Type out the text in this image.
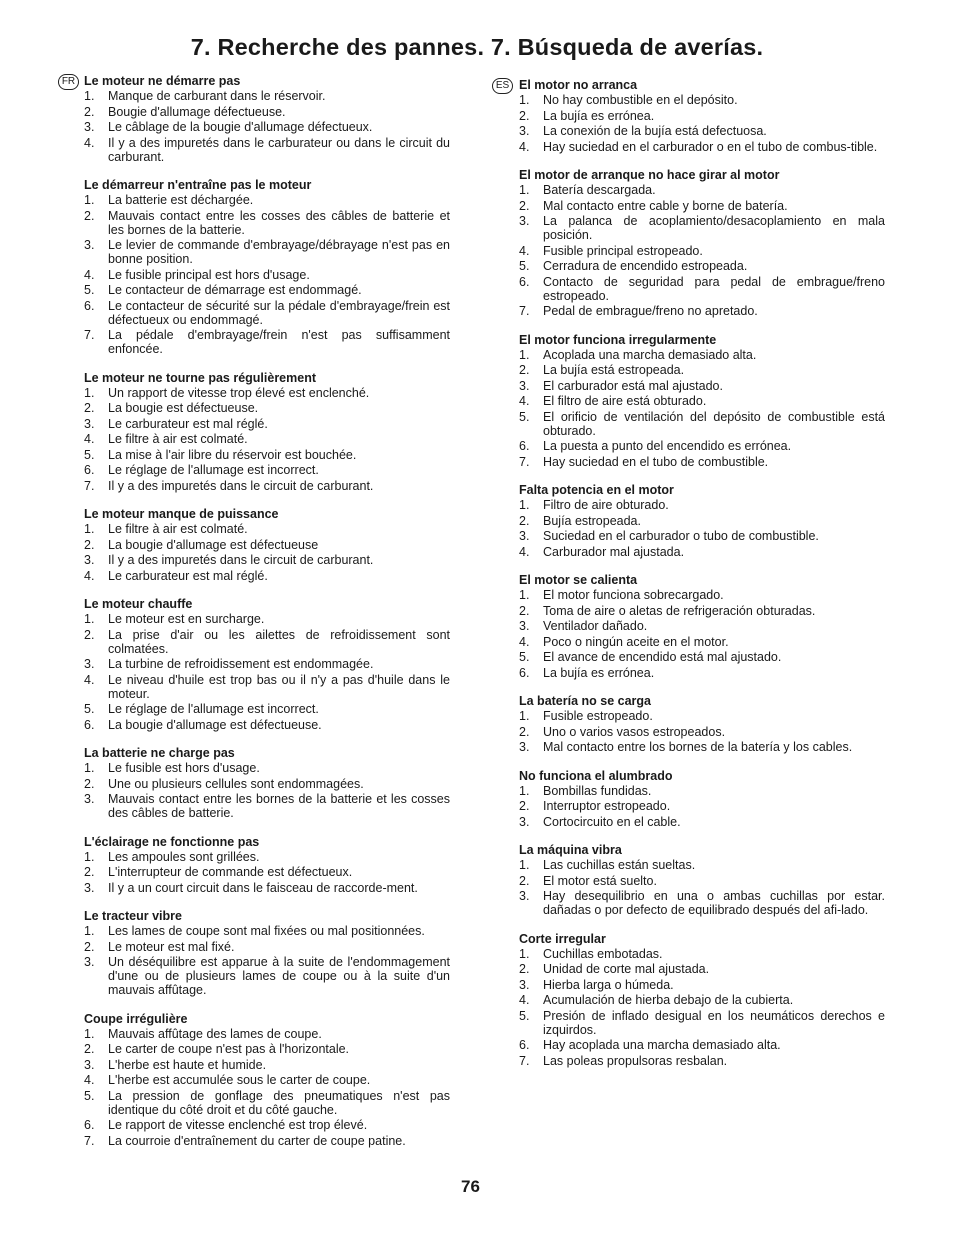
7. Recherche des pannes. 7. Búsqueda de averías.
FR Le moteur ne démarre pas
1. Manque de carburant dans le réservoir.
2. Bougie d'allumage défectueuse.
3. Le câblage de la bougie d'allumage défectueux.
4. Il y a des impuretés dans le carburateur ou dans le circuit du carburant.
Le démarreur n'entraîne pas le moteur
1. La batterie est déchargée.
2. Mauvais contact entre les cosses des câbles de batterie et les bornes de la batterie.
3. Le levier de commande d'embrayage/débrayage n'est pas en bonne position.
4. Le fusible principal est hors d'usage.
5. Le contacteur de démarrage est endommagé.
6. Le contacteur de sécurité sur la pédale d'embrayage/frein est défectueux ou endommagé.
7. La pédale d'embrayage/frein n'est pas suffisamment enfoncée.
Le moteur ne tourne pas régulièrement
1. Un rapport de vitesse trop élevé est enclenché.
2. La bougie est défectueuse.
3. Le carburateur est mal réglé.
4. Le filtre à air est colmaté.
5. La mise à l'air libre du réservoir est bouchée.
6. Le réglage de l'allumage est incorrect.
7. Il y a des impuretés dans le circuit de carburant.
Le moteur manque de puissance
1. Le filtre à air est colmaté.
2. La bougie d'allumage est défectueuse
3. Il y a des impuretés dans le circuit de carburant.
4. Le carburateur est mal réglé.
Le moteur chauffe
1. Le moteur est en surcharge.
2. La prise d'air ou les ailettes de refroidissement sont colmatées.
3. La turbine de refroidissement est endommagée.
4. Le niveau d'huile est trop bas ou il n'y a pas d'huile dans le moteur.
5. Le réglage de l'allumage est incorrect.
6. La bougie d'allumage est défectueuse.
La batterie ne charge pas
1. Le fusible est hors d'usage.
2. Une ou plusieurs cellules sont endommagées.
3. Mauvais contact entre les bornes de la batterie et les cosses des câbles de batterie.
L'éclairage ne fonctionne pas
1. Les ampoules sont grillées.
2. L'interrupteur de commande est défectueux.
3. Il y a un court circuit dans le faisceau de raccorde-ment.
Le tracteur vibre
1. Les lames de coupe sont mal fixées ou mal positionnées.
2. Le moteur est mal fixé.
3. Un déséquilibre est apparue à la suite de l'endommagement d'une ou de plusieurs lames de coupe ou à la suite d'un mauvais affûtage.
Coupe irrégulière
1. Mauvais affûtage des lames de coupe.
2. Le carter de coupe n'est pas à l'horizontale.
3. L'herbe est haute et humide.
4. L'herbe est accumulée sous le carter de coupe.
5. La pression de gonflage des pneumatiques n'est pas identique du côté droit et du côté gauche.
6. Le rapport de vitesse enclenché est trop élevé.
7. La courroie d'entraînement du carter de coupe patine.
ES El motor no arranca
1. No hay combustible en el depósito.
2. La bujía es errónea.
3. La conexión de la bujía está defectuosa.
4. Hay suciedad en el carburador o en el tubo de combus-tible.
El motor de arranque no hace girar al motor
1. Batería descargada.
2. Mal contacto entre cable y borne de batería.
3. La palanca de acoplamiento/desacoplamiento en mala posición.
4. Fusible principal estropeado.
5. Cerradura de encendido estropeada.
6. Contacto de seguridad para pedal de embrague/freno estropeado.
7. Pedal de embrague/freno no apretado.
El motor funciona irregularmente
1. Acoplada una marcha demasiado alta.
2. La bujía está estropeada.
3. El carburador está mal ajustado.
4. El filtro de aire está obturado.
5. El orificio de ventilación del depósito de combustible está obturado.
6. La puesta a punto del encendido es errónea.
7. Hay suciedad en el tubo de combustible.
Falta potencia en el motor
1. Filtro de aire obturado.
2. Bujía estropeada.
3. Suciedad en el carburador o tubo de combustible.
4. Carburador mal ajustada.
El motor se calienta
1. El motor funciona sobrecargado.
2. Toma de aire o aletas de refrigeración obturadas.
3. Ventilador dañado.
4. Poco o ningún aceite en el motor.
5. El avance de encendido está mal ajustado.
6. La bujía es errónea.
La batería no se carga
1. Fusible estropeado.
2. Uno o varios vasos estropeados.
3. Mal contacto entre los bornes de la batería y los cables.
No funciona el alumbrado
1. Bombillas fundidas.
2. Interruptor estropeado.
3. Cortocircuito en el cable.
La máquina vibra
1. Las cuchillas están sueltas.
2. El motor está suelto.
3. Hay desequilibrio en una o ambas cuchillas por estar. dañadas o por defecto de equilibrado después del afi-lado.
Corte irregular
1. Cuchillas embotadas.
2. Unidad de corte mal ajustada.
3. Hierba larga o húmeda.
4. Acumulación de hierba debajo de la cubierta.
5. Presión de inflado desigual en los neumáticos derechos e izquirdos.
6. Hay acoplada una marcha demasiado alta.
7. Las poleas propulsoras resbalan.
76
